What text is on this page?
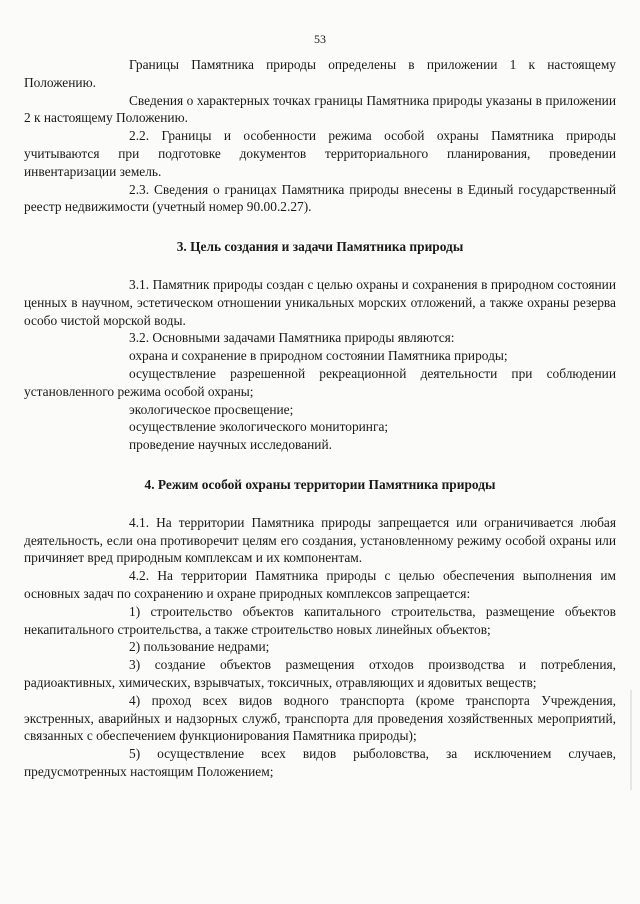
53

Границы Памятника природы определены в приложении 1 к настоящему Положению.

Сведения о характерных точках границы Памятника природы указаны в приложении 2 к настоящему Положению.

2.2. Границы и особенности режима особой охраны Памятника природы учитываются при подготовке документов территориального планирования, проведении инвентаризации земель.

2.3. Сведения о границах Памятника природы внесены в Единый государственный реестр недвижимости (учетный номер 90.00.2.27).

3. Цель создания и задачи Памятника природы

3.1. Памятник природы создан с целью охраны и сохранения в природном состоянии ценных в научном, эстетическом отношении уникальных морских отложений, а также охраны резерва особо чистой морской воды.

3.2. Основными задачами Памятника природы являются:

охрана и сохранение в природном состоянии Памятника природы;

осуществление разрешенной рекреационной деятельности при соблюдении установленного режима особой охраны;

экологическое просвещение;

осуществление экологического мониторинга;

проведение научных исследований.

4. Режим особой охраны территории Памятника природы

4.1. На территории Памятника природы запрещается или ограничивается любая деятельность, если она противоречит целям его создания, установленному режиму особой охраны или причиняет вред природным комплексам и их компонентам.

4.2. На территории Памятника природы с целью обеспечения выполнения им основных задач по сохранению и охране природных комплексов запрещается:

1) строительство объектов капитального строительства, размещение объектов некапитального строительства, а также строительство новых линейных объектов;

2) пользование недрами;

3) создание объектов размещения отходов производства и потребления, радиоактивных, химических, взрывчатых, токсичных, отравляющих и ядовитых веществ;

4) проход всех видов водного транспорта (кроме транспорта Учреждения, экстренных, аварийных и надзорных служб, транспорта для проведения хозяйственных мероприятий, связанных с обеспечением функционирования Памятника природы);

5) осуществление всех видов рыболовства, за исключением случаев, предусмотренных настоящим Положением;
